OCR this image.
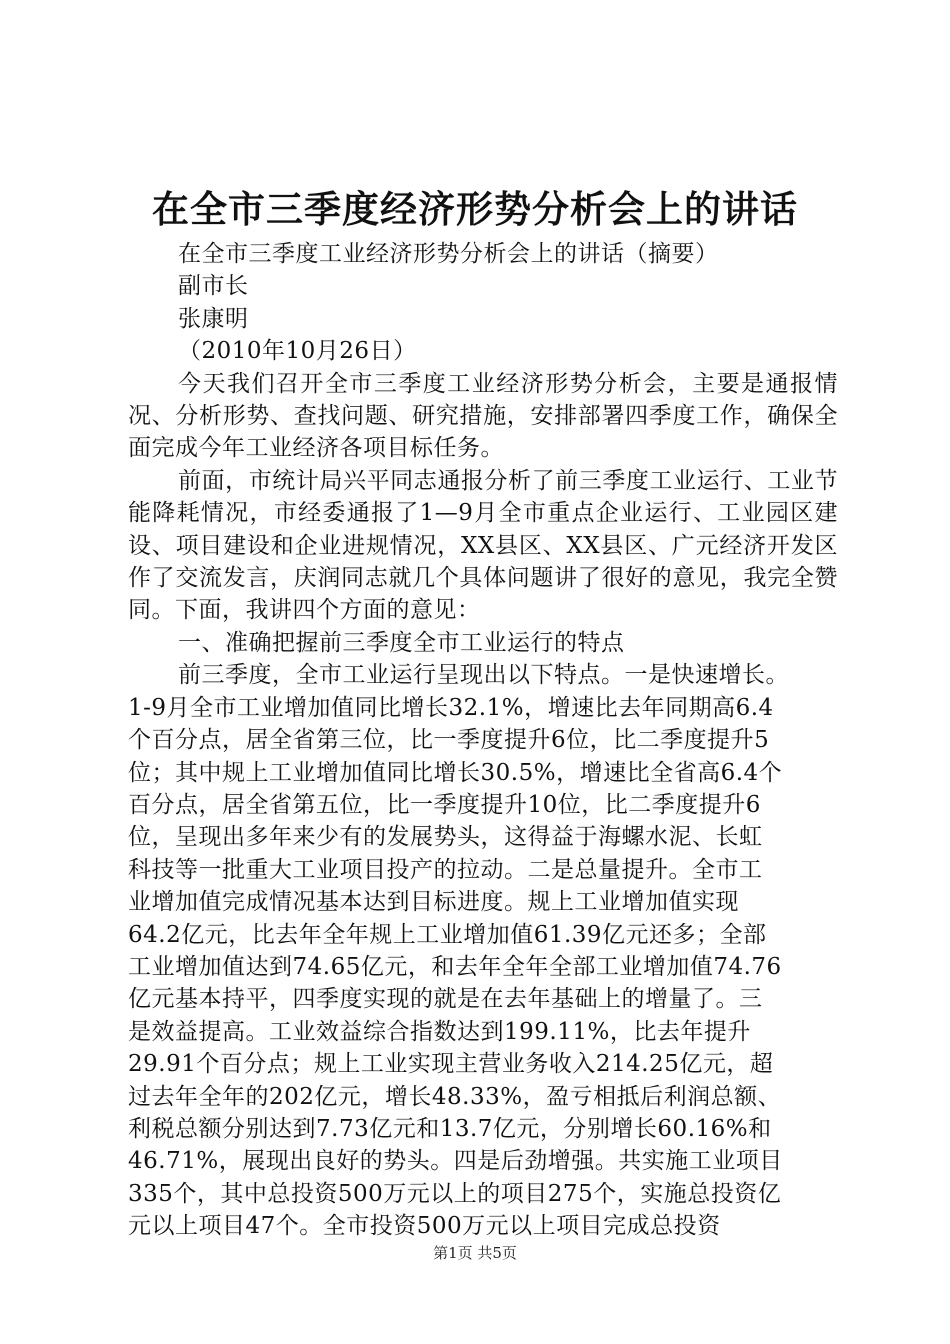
在全市三季度经济形势分析会上的讲话

在全市三季度工业经济形势分析会上的讲话（摘要）

副市长

张康明

（2010年10月26日）

今天我们召开全市三季度工业经济形势分析会，主要是通报情况、分析形势、查找问题、研究措施，安排部署四季度工作，确保全面完成今年工业经济各项目标任务。

前面，市统计局兴平同志通报分析了前三季度工业运行、工业节能降耗情况，市经委通报了1—9月全市重点企业运行、工业园区建设、项目建设和企业进规情况，XX县区、XX县区、广元经济开发区作了交流发言，庆润同志就几个具体问题讲了很好的意见，我完全赞同。下面，我讲四个方面的意见：

一、准确把握前三季度全市工业运行的特点

前三季度，全市工业运行呈现出以下特点。一是快速增长。
1-9月全市工业增加值同比增长32.1%，增速比去年同期高6.4
个百分点，居全省第三位，比一季度提升6位，比二季度提升5
位；其中规上工业增加值同比增长30.5%，增速比全省高6.4个
百分点，居全省第五位，比一季度提升10位，比二季度提升6
位，呈现出多年来少有的发展势头，这得益于海螺水泥、长虹
科技等一批重大工业项目投产的拉动。二是总量提升。全市工
业增加值完成情况基本达到目标进度。规上工业增加值实现
64.2亿元，比去年全年规上工业增加值61.39亿元还多；全部
工业增加值达到74.65亿元，和去年全年全部工业增加值74.76
亿元基本持平，四季度实现的就是在去年基础上的增量了。三
是效益提高。工业效益综合指数达到199.11%，比去年提升
29.91个百分点；规上工业实现主营业务收入214.25亿元，超
过去年全年的202亿元，增长48.33%，盈亏相抵后利润总额、
利税总额分别达到7.73亿元和13.7亿元，分别增长60.16%和
46.71%，展现出良好的势头。四是后劲增强。共实施工业项目
335个，其中总投资500万元以上的项目275个，实施总投资亿
元以上项目47个。全市投资500万元以上项目完成总投资
第1页 共5页
